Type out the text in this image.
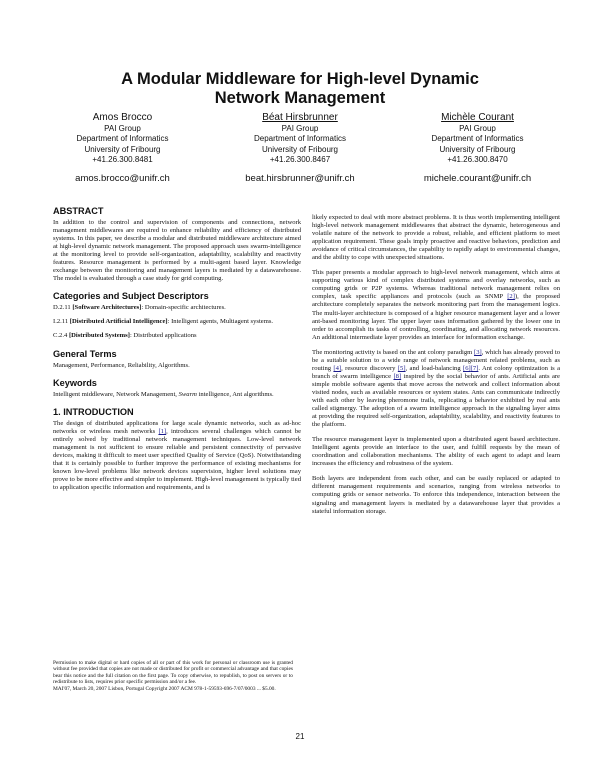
A Modular Middleware for High-level Dynamic
Network Management
Amos Brocco
PAI Group
Department of Informatics
University of Fribourg
+41.26.300.8481
amos.brocco@unifr.ch
Béat Hirsbrunner
PAI Group
Department of Informatics
University of Fribourg
+41.26.300.8467
beat.hirsbrunner@unifr.ch
Michèle Courant
PAI Group
Department of Informatics
University of Fribourg
+41.26.300.8470
michele.courant@unifr.ch
ABSTRACT

In addition to the control and supervision of components and connections, network management middlewares are required to enhance reliability and efficiency of distributed systems. In this paper, we describe a modular and distributed middleware architecture aimed at high-level dynamic network management. The proposed approach uses swarm-intelligence at the monitoring level to provide self-organization, adaptability, scalability and reactivity features. Resource management is performed by a multi-agent based layer. Knowledge exchange between the monitoring and management layers is mediated by a datawarehouse. The model is evaluated through a case study for grid computing.

Categories and Subject Descriptors

D.2.11 [Software Architectures]: Domain-specific architectures.

I.2.11 [Distributed Artificial Intelligence]: Intelligent agents, Multiagent systems.

C.2.4 [Distributed Systems]: Distributed applications

General Terms

Management, Performance, Reliability, Algorithms.

Keywords

Intelligent middleware, Network Management, Swarm intelligence, Ant algorithms.

1. INTRODUCTION

The design of distributed applications for large scale dynamic networks, such as ad-hoc networks or wireless mesh networks [1], introduces several challenges which cannot be entirely solved by traditional network management techniques. Low-level network management is not sufficient to ensure reliable and persistent connectivity of pervasive devices, making it difficult to meet user specified Quality of Service (QoS). Notwithstanding that it is certainly possible to further improve the performance of existing mechanisms for known low-level problems like network devices supervision, higher level solutions may prove to be more effective and simpler to implement. High-level management is typically tied to application specific information and requirements, and is

Permission to make digital or hard copies of all or part of this work for personal or classroom use is granted without fee provided that copies are not made or distributed for profit or commercial advantage and that copies bear this notice and the full citation on the first page. To copy otherwise, to republish, to post on servers or to redistribute to lists, requires prior specific permission and/or a fee.

MAI'07, March 20, 2007 Lisbon, Portugal Copyright 2007 ACM 978-1-59593-696-7/07/0003 ... $5.00.

likely expected to deal with more abstract problems. It is thus worth implementing intelligent high-level network management middlewares that abstract the dynamic, heterogeneous and volatile nature of the network to provide a robust, reliable, and efficient platform to meet application requirement. These goals imply proactive and reactive behaviors, prediction and avoidance of critical circumstances, the capability to rapidly adapt to environmental changes, and the ability to cope with unexpected situations.

This paper presents a modular approach to high-level network management, which aims at supporting various kind of complex distributed systems and overlay networks, such as computing grids or P2P systems. Whereas traditional network management relies on complex, task specific appliances and protocols (such as SNMP [2]), the proposed architecture completely separates the network monitoring part from the management logics. The multi-layer architecture is composed of a higher resource management layer and a lower ant-based monitoring layer. The upper layer uses information gathered by the lower one in order to accomplish its tasks of controlling, coordinating, and allocating network resources. An additional intermediate layer provides an interface for information exchange.

The monitoring activity is based on the ant colony paradigm [3], which has already proved to be a suitable solution to a wide range of network management related problems, such as routing [4], resource discovery [5], and load-balancing [6][7]. Ant colony optimization is a branch of swarm intelligence [8] inspired by the social behavior of ants. Artificial ants are simple mobile software agents that move across the network and collect information about visited nodes, such as available resources or system states. Ants can communicate indirectly with each other by leaving pheromone trails, replicating a behavior exhibited by real ants called stigmergy. The adoption of a swarm intelligence approach in the signaling layer aims at providing the required self-organization, adaptability, scalability, and reactivity features to the platform.

The resource management layer is implemented upon a distributed agent based architecture. Intelligent agents provide an interface to the user, and fulfill requests by the mean of coordination and collaboration mechanisms. The ability of each agent to adapt and learn increases the efficiency and robustness of the system.

Both layers are independent from each other, and can be easily replaced or adapted to different management requirements and scenarios, ranging from wireless networks to computing grids or sensor networks. To enforce this independence, interaction between the signaling and management layers is mediated by a datawarehouse layer that provides a stateful information storage.

21
